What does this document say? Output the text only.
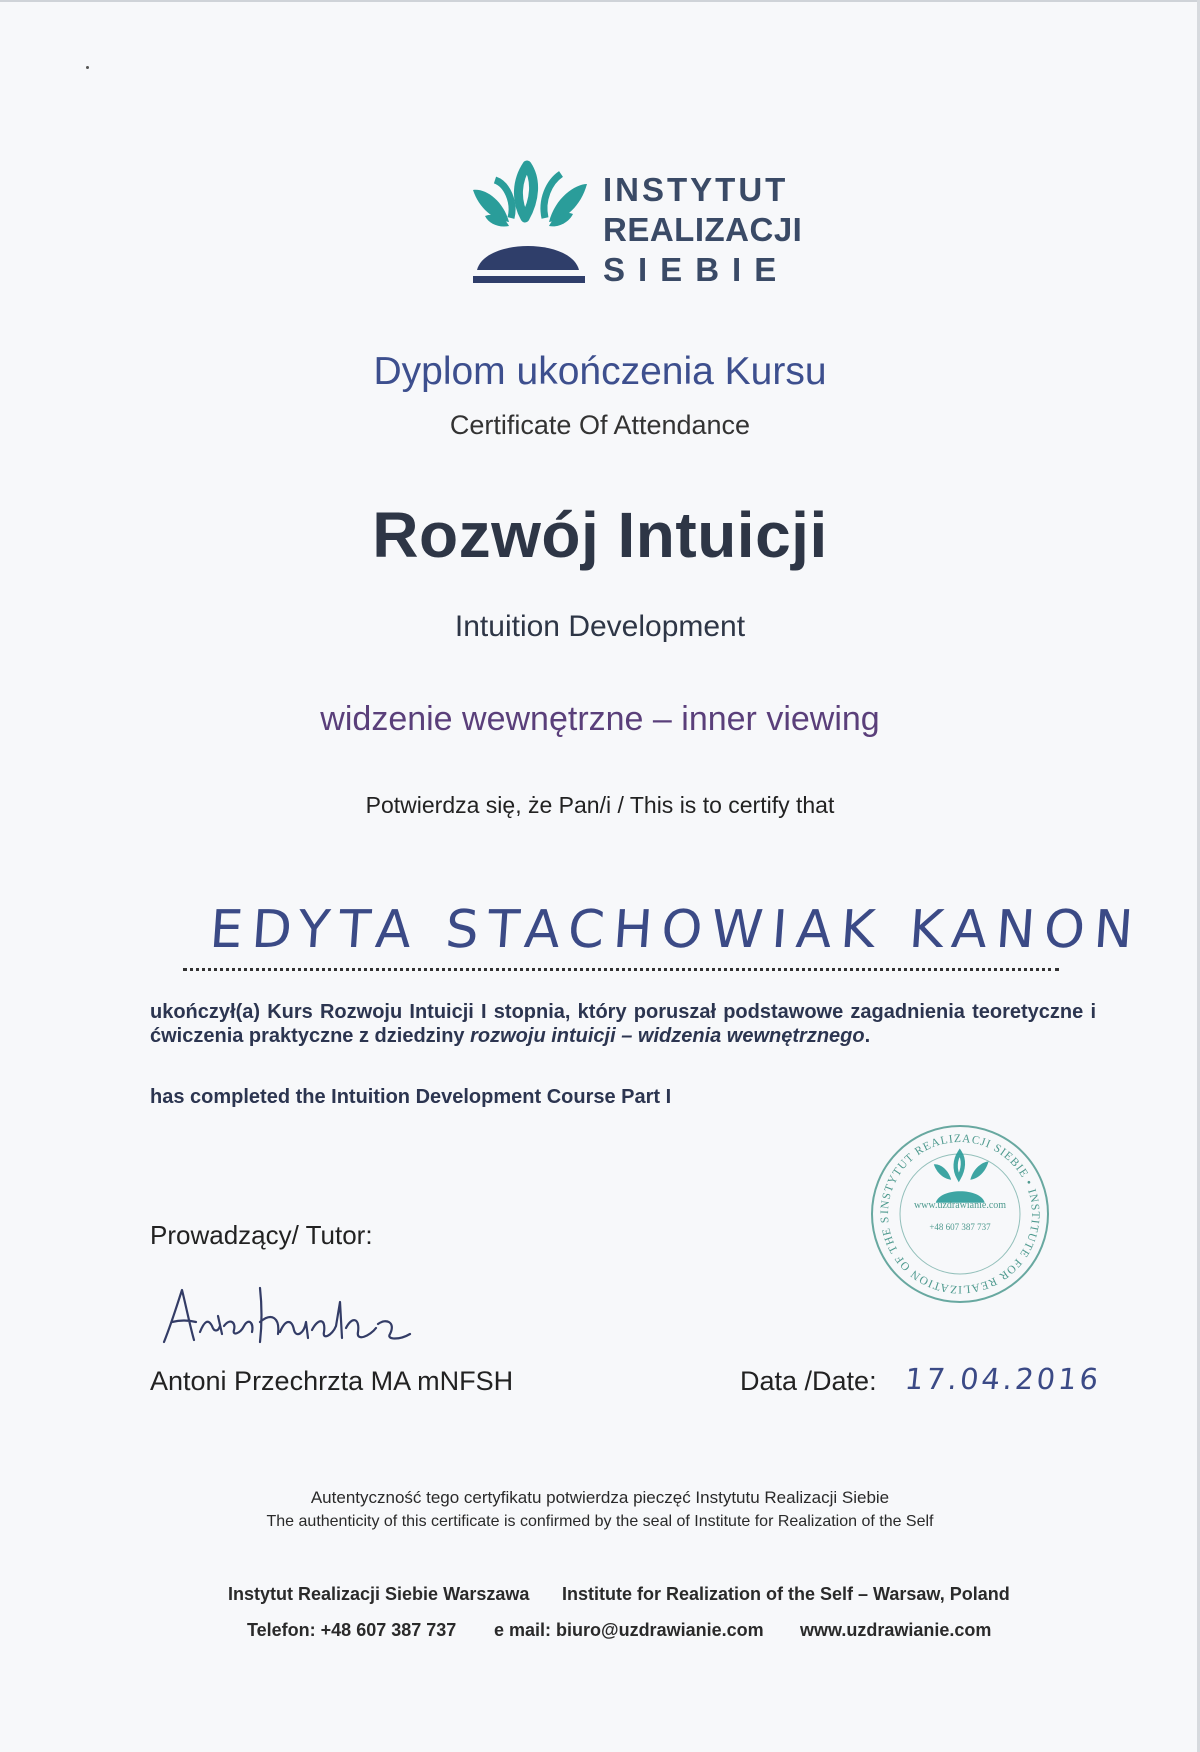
INSTYTUT
REALIZACJI
SIEBIE
Dyplom ukończenia Kursu
Certificate Of Attendance
Rozwój Intuicji
Intuition Development
widzenie wewnętrzne – inner viewing
Potwierdza się, że Pan/i / This is to certify that
EDYTA STACHOWIAK KANON
ukończył(a) Kurs Rozwoju Intuicji I stopnia, który poruszał podstawowe zagadnienia teoretyczne i ćwiczenia praktyczne z dziedziny rozwoju intuicji – widzenia wewnętrznego.
has completed the Intuition Development Course Part I
INSTYTUT REALIZACJI SIEBIE • INSTITUTE FOR REALIZATION OF THE S
www.uzdrawianie.com
+48 607 387 737
Prowadzący/ Tutor:
Antoni Przechrzta MA mNFSH	Data /Date: 17.04.2016
Autentyczność tego certyfikatu potwierdza pieczęć Instytutu Realizacji Siebie
The authenticity of this certificate is confirmed by the seal of Institute for Realization of the Self
Instytut Realizacji Siebie Warszawa Institute for Realization of the Self – Warsaw, Poland
Telefon: +48 607 387 737 e mail: biuro@uzdrawianie.com www.uzdrawianie.com
